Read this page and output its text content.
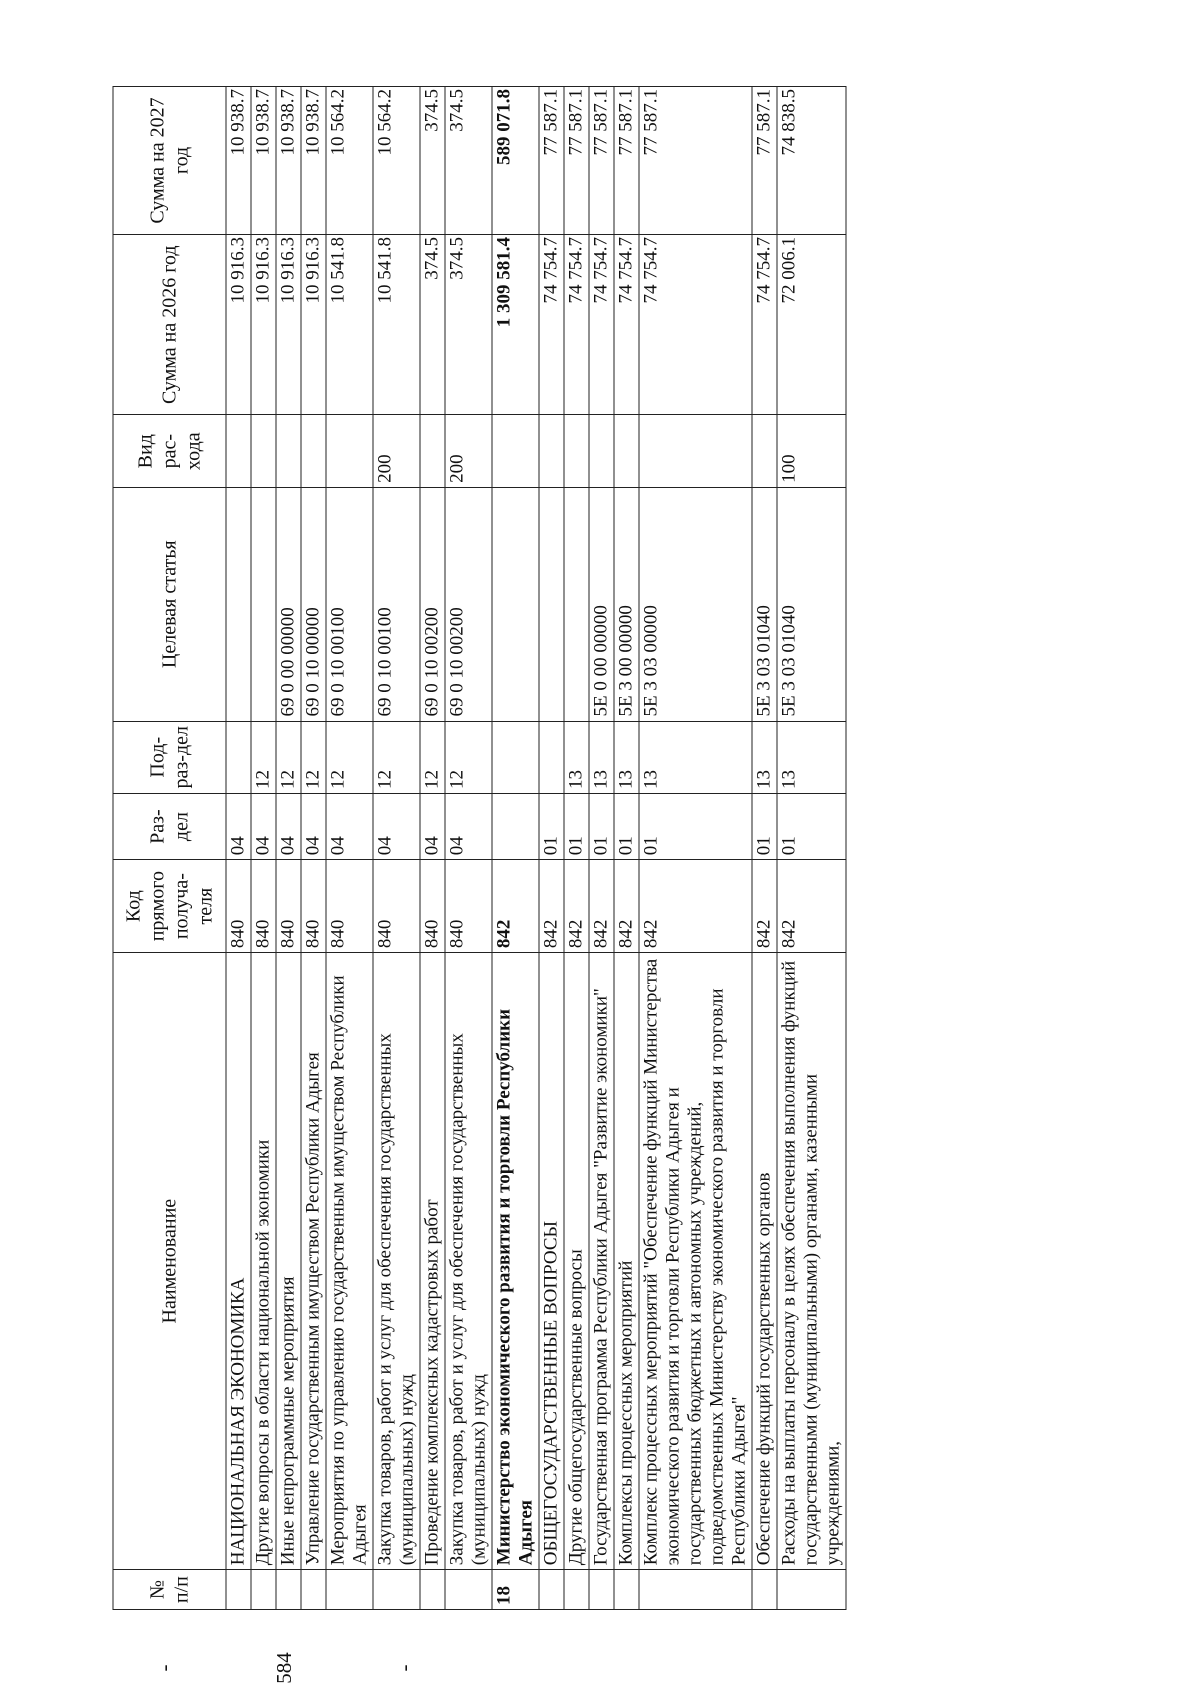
- 584 -
№ п/п	Наименование	Код прямого получа-теля	Раз-дел	Под-раз-дел	Целевая статья	Вид рас-хода	Сумма на 2026 год	Сумма на 2027 год
	НАЦИОНАЛЬНАЯ ЭКОНОМИКА	840	04				10 916.3	10 938.7
	Другие вопросы в области национальной экономики	840	04	12			10 916.3	10 938.7
	Иные непрограммные мероприятия	840	04	12	69 0 00 00000		10 916.3	10 938.7
	Управление государственным имуществом Республики Адыгея	840	04	12	69 0 10 00000		10 916.3	10 938.7
	Мероприятия по управлению государственным имуществом Республики Адыгея	840	04	12	69 0 10 00100		10 541.8	10 564.2
	Закупка товаров, работ и услуг для обеспечения государственных (муниципальных) нужд	840	04	12	69 0 10 00100	200	10 541.8	10 564.2
	Проведение комплексных кадастровых работ	840	04	12	69 0 10 00200		374.5	374.5
	Закупка товаров, работ и услуг для обеспечения государственных (муниципальных) нужд	840	04	12	69 0 10 00200	200	374.5	374.5
18	Министерство экономического развития и торговли Республики Адыгея	842					1 309 581.4	589 071.8
	ОБЩЕГОСУДАРСТВЕННЫЕ ВОПРОСЫ	842	01				74 754.7	77 587.1
	Другие общегосударственные вопросы	842	01	13			74 754.7	77 587.1
	Государственная программа Республики Адыгея "Развитие экономики"	842	01	13	5Е 0 00 00000		74 754.7	77 587.1
	Комплексы процессных мероприятий	842	01	13	5Е 3 00 00000		74 754.7	77 587.1
	Комплекс процессных мероприятий "Обеспечение функций Министерства экономического развития и торговли Республики Адыгея и государственных бюджетных и автономных учреждений, подведомственных Министерству экономического развития и торговли Республики Адыгея"	842	01	13	5Е 3 03 00000		74 754.7	77 587.1
	Обеспечение функций государственных органов	842	01	13	5Е 3 03 01040		74 754.7	77 587.1
	Расходы на выплаты персоналу в целях обеспечения выполнения функций государственными (муниципальными) органами, казенными учреждениями,	842	01	13	5Е 3 03 01040	100	72 006.1	74 838.5
